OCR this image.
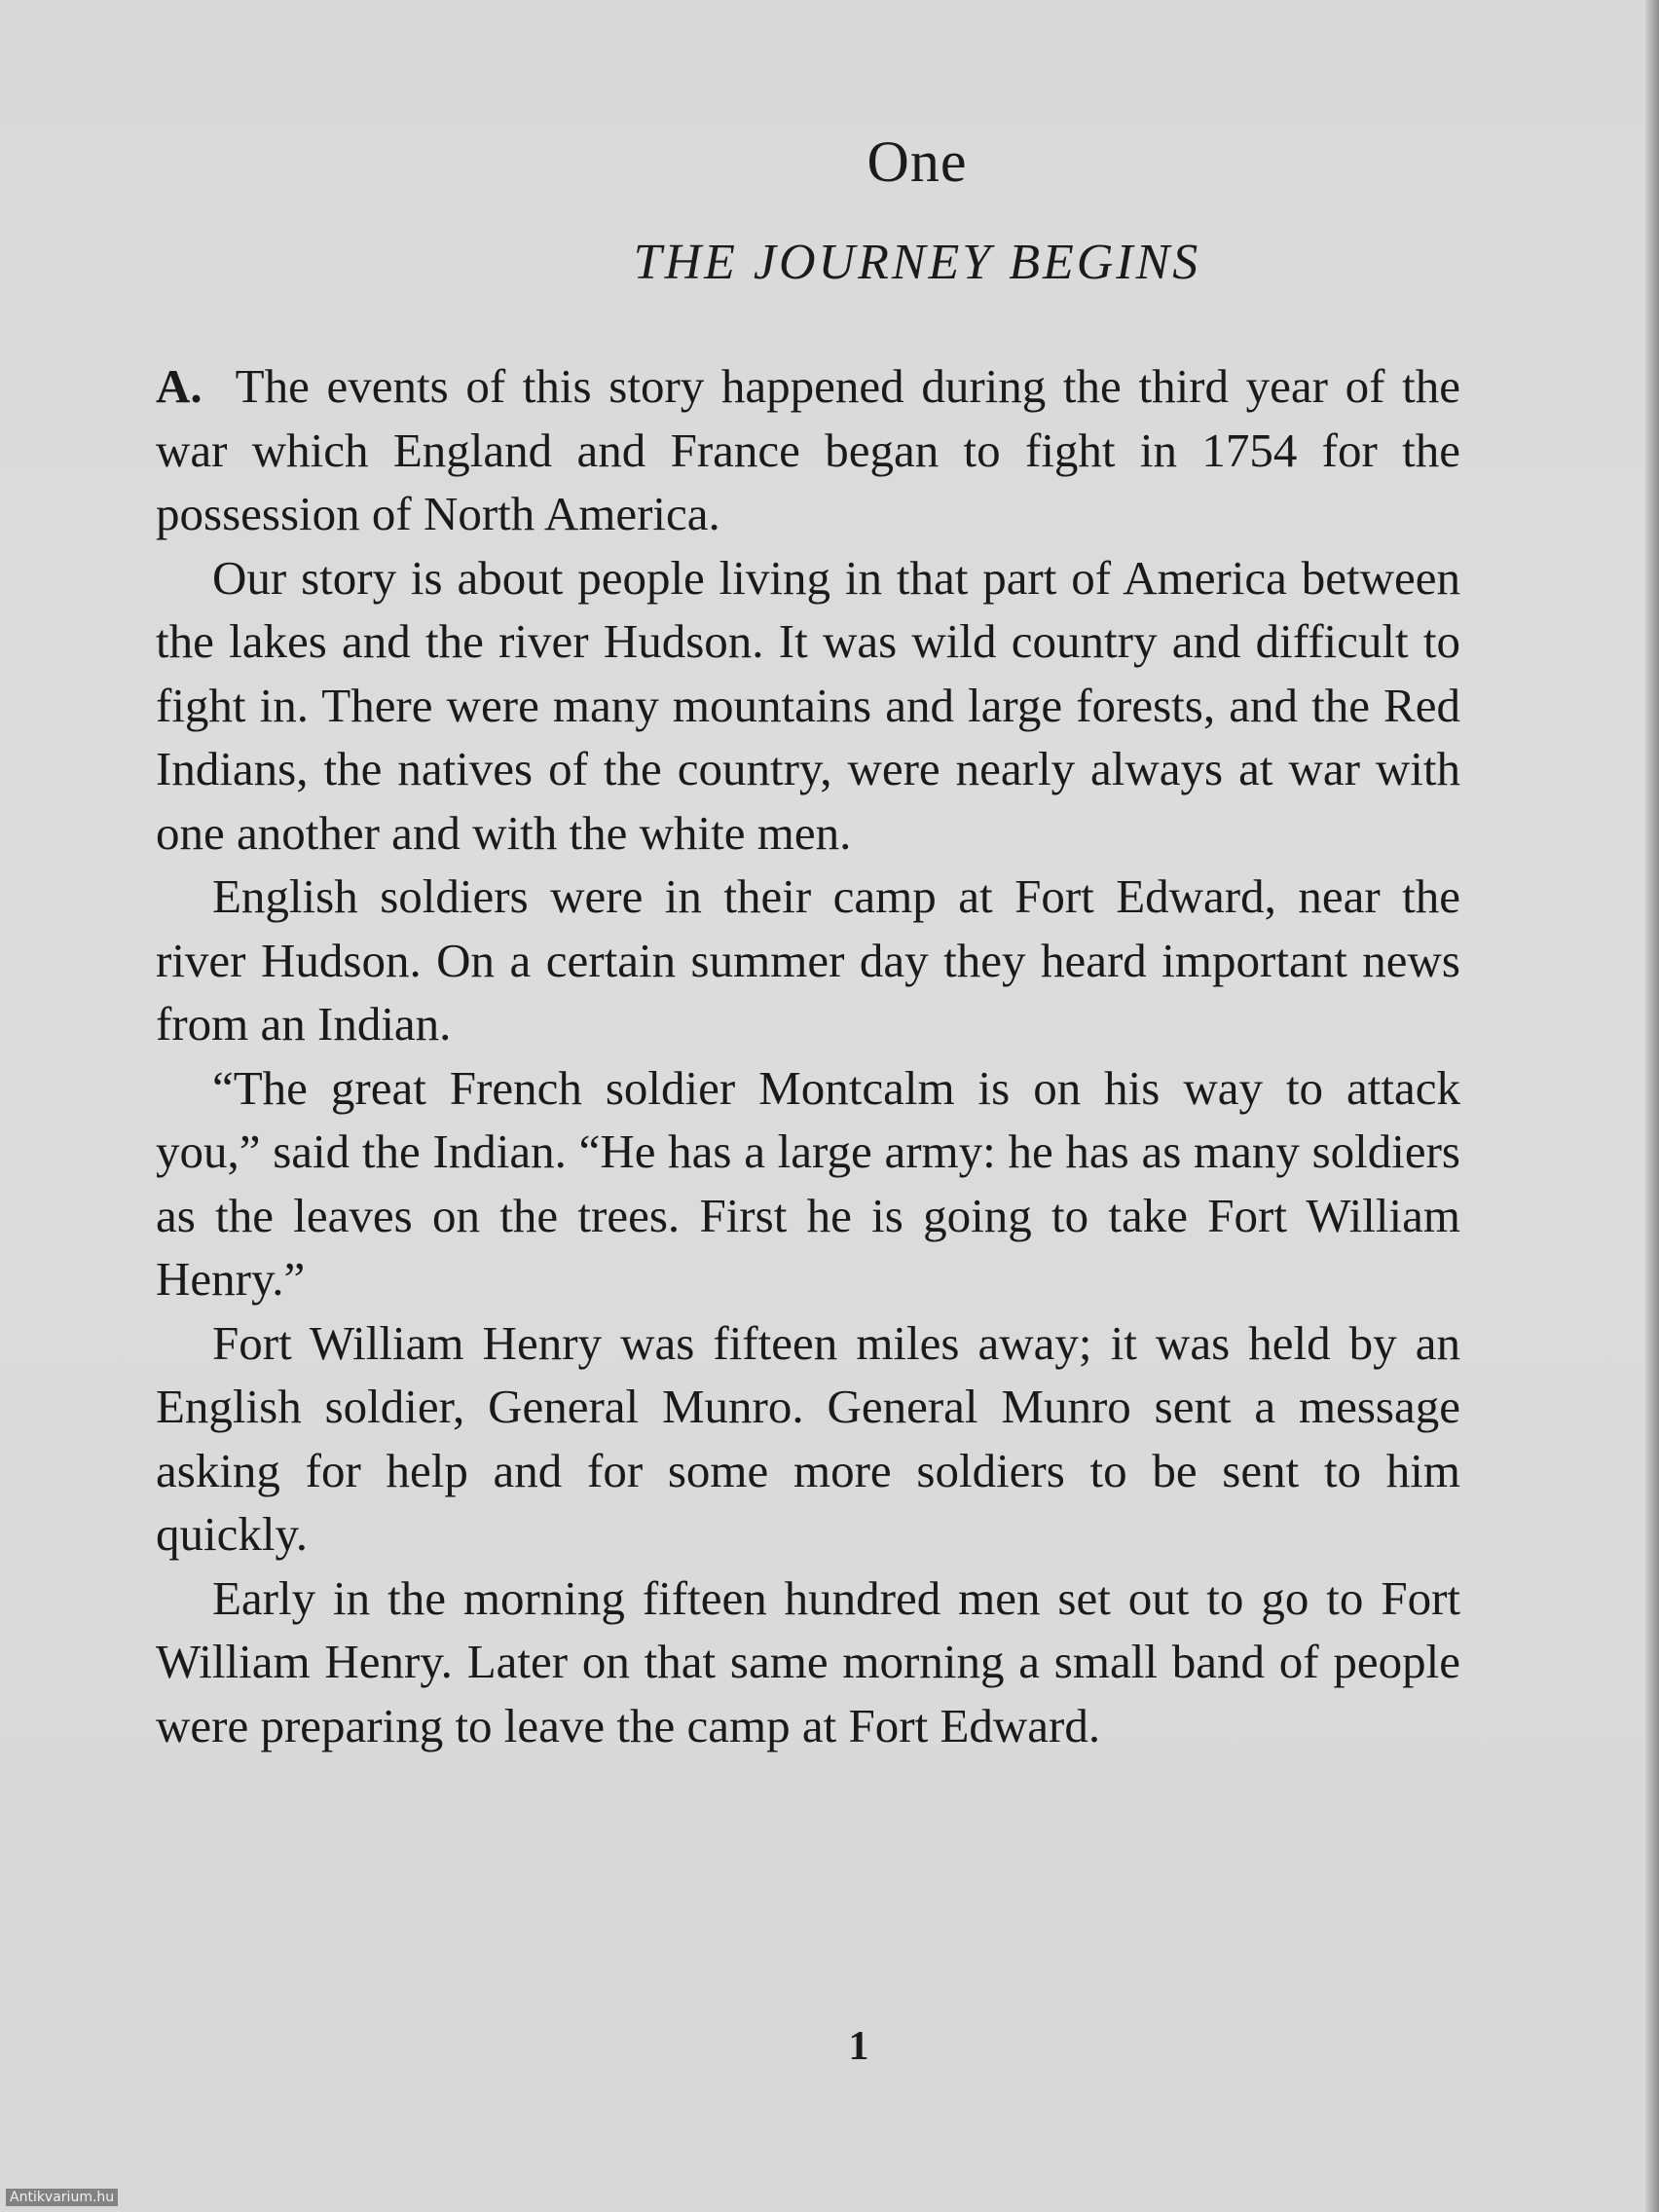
One
THE JOURNEY BEGINS

A. The events of this story happened during the third year of the war which England and France began to fight in 1754 for the possession of North America.

Our story is about people living in that part of America between the lakes and the river Hudson. It was wild country and difficult to fight in. There were many mountains and large forests, and the Red Indians, the natives of the country, were nearly always at war with one another and with the white men.

English soldiers were in their camp at Fort Edward, near the river Hudson. On a certain summer day they heard important news from an Indian.

“The great French soldier Montcalm is on his way to attack you,” said the Indian. “He has a large army: he has as many soldiers as the leaves on the trees. First he is going to take Fort William Henry.”

Fort William Henry was fifteen miles away; it was held by an English soldier, General Munro. General Munro sent a message asking for help and for some more soldiers to be sent to him quickly.

Early in the morning fifteen hundred men set out to go to Fort William Henry. Later on that same morning a small band of people were preparing to leave the camp at Fort Edward.

1
Antikvarium.hu
